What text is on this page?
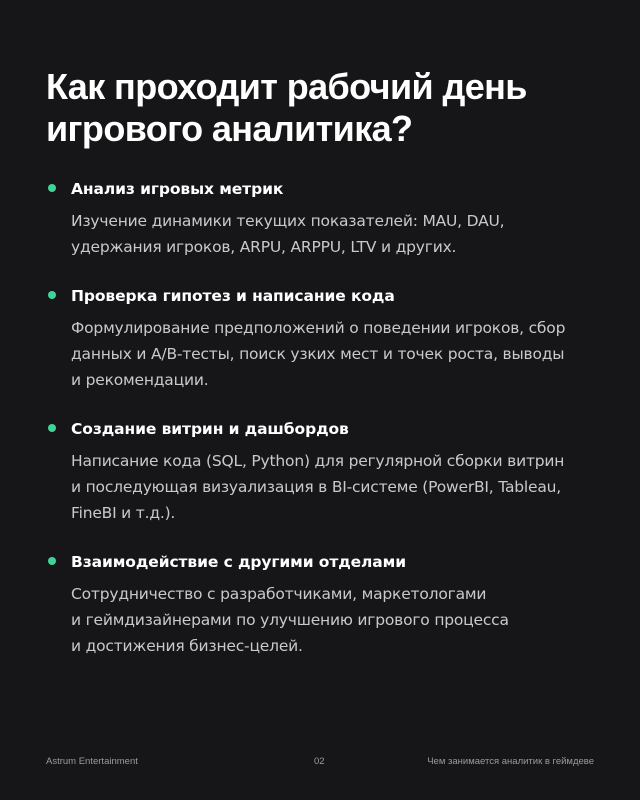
Как проходит рабочий день
игрового аналитика?
Анализ игровых метрик
Изучение динамики текущих показателей: MAU, DAU,
удержания игроков, ARPU, ARPPU, LTV и других.
Проверка гипотез и написание кода
Формулирование предположений о поведении игроков, сбор
данных и A/B-тесты, поиск узких мест и точек роста, выводы
и рекомендации.
Создание витрин и дашбордов
Написание кода (SQL, Python) для регулярной сборки витрин
и последующая визуализация в BI-системе (PowerBI, Tableau,
FineBI и т.д.).
Взаимодействие с другими отделами
Сотрудничество с разработчиками, маркетологами
и геймдизайнерами по улучшению игрового процесса
и достижения бизнес-целей.
Astrum Entertainment	02	Чем занимается аналитик в геймдеве
